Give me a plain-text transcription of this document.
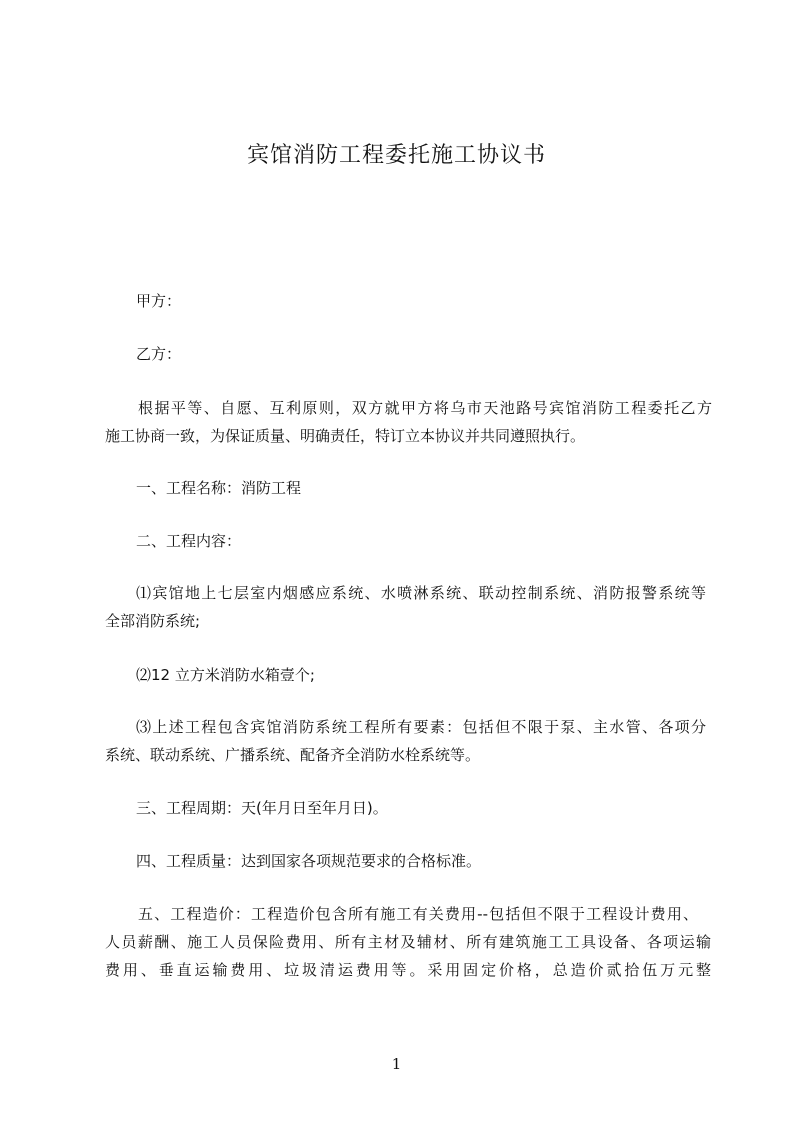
宾馆消防工程委托施工协议书
甲方：
乙方：
根据平等、自愿、互利原则，双方就甲方将乌市天池路号宾馆消防工程委托乙方
施工协商一致，为保证质量、明确责任，特订立本协议并共同遵照执行。
一、工程名称：消防工程
二、工程内容：
⑴宾馆地上七层室内烟感应系统、水喷淋系统、联动控制系统、消防报警系统等
全部消防系统;
⑵12 立方米消防水箱壹个;
⑶上述工程包含宾馆消防系统工程所有要素：包括但不限于泵、主水管、各项分
系统、联动系统、广播系统、配备齐全消防水栓系统等。
三、工程周期：天(年月日至年月日)。
四、工程质量：达到国家各项规范要求的合格标准。
五、工程造价：工程造价包含所有施工有关费用--包括但不限于工程设计费用、
人员薪酬、施工人员保险费用、所有主材及辅材、所有建筑施工工具设备、各项运输
费用、垂直运输费用、垃圾清运费用等。采用固定价格，总造价贰拾伍万元整
1
